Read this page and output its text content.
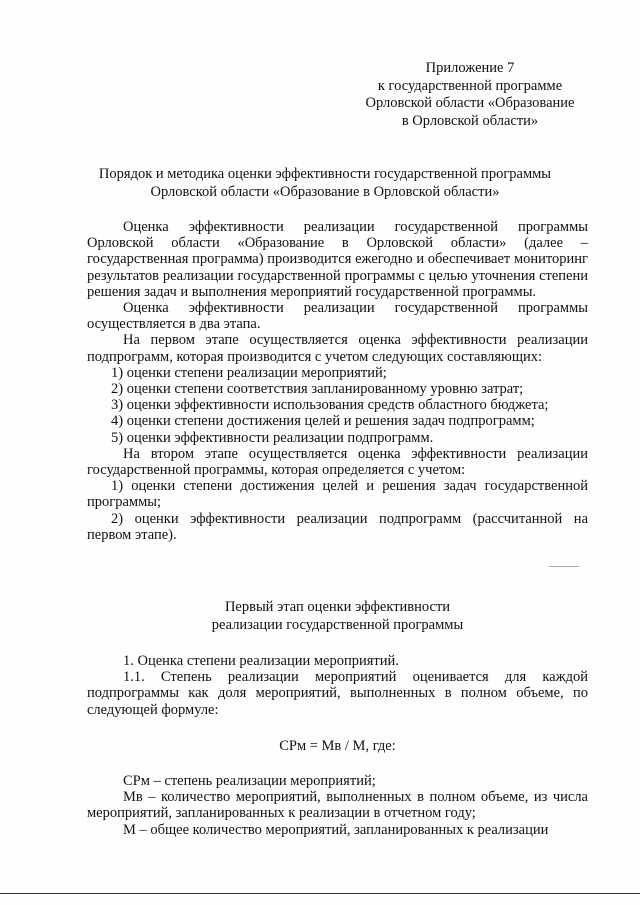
Приложение 7
к государственной программе
Орловской области «Образование
в Орловской области»
Порядок и методика оценки эффективности государственной программы
Орловской области «Образование в Орловской области»

Оценка эффективности реализации государственной программы Орловской области «Образование в Орловской области» (далее – государственная программа) производится ежегодно и обеспечивает мониторинг результатов реализации государственной программы с целью уточнения степени решения задач и выполнения мероприятий государственной программы.

Оценка эффективности реализации государственной программы осуществляется в два этапа.

На первом этапе осуществляется оценка эффективности реализации подпрограмм, которая производится с учетом следующих составляющих:

1) оценки степени реализации мероприятий;

2) оценки степени соответствия запланированному уровню затрат;

3) оценки эффективности использования средств областного бюджета;

4) оценки степени достижения целей и решения задач подпрограмм;

5) оценки эффективности реализации подпрограмм.

На втором этапе осуществляется оценка эффективности реализации государственной программы, которая определяется с учетом:

1) оценки степени достижения целей и решения задач государственной программы;

2) оценки эффективности реализации подпрограмм (рассчитанной на первом этапе).

Первый этап оценки эффективности
реализации государственной программы

1. Оценка степени реализации мероприятий.

1.1. Степень реализации мероприятий оценивается для каждой подпрограммы как доля мероприятий, выполненных в полном объеме, по следующей формуле:

СРм = Мв / М, где:

СРм – степень реализации мероприятий;

Мв – количество мероприятий, выполненных в полном объеме, из числа мероприятий, запланированных к реализации в отчетном году;

М – общее количество мероприятий, запланированных к реализации
